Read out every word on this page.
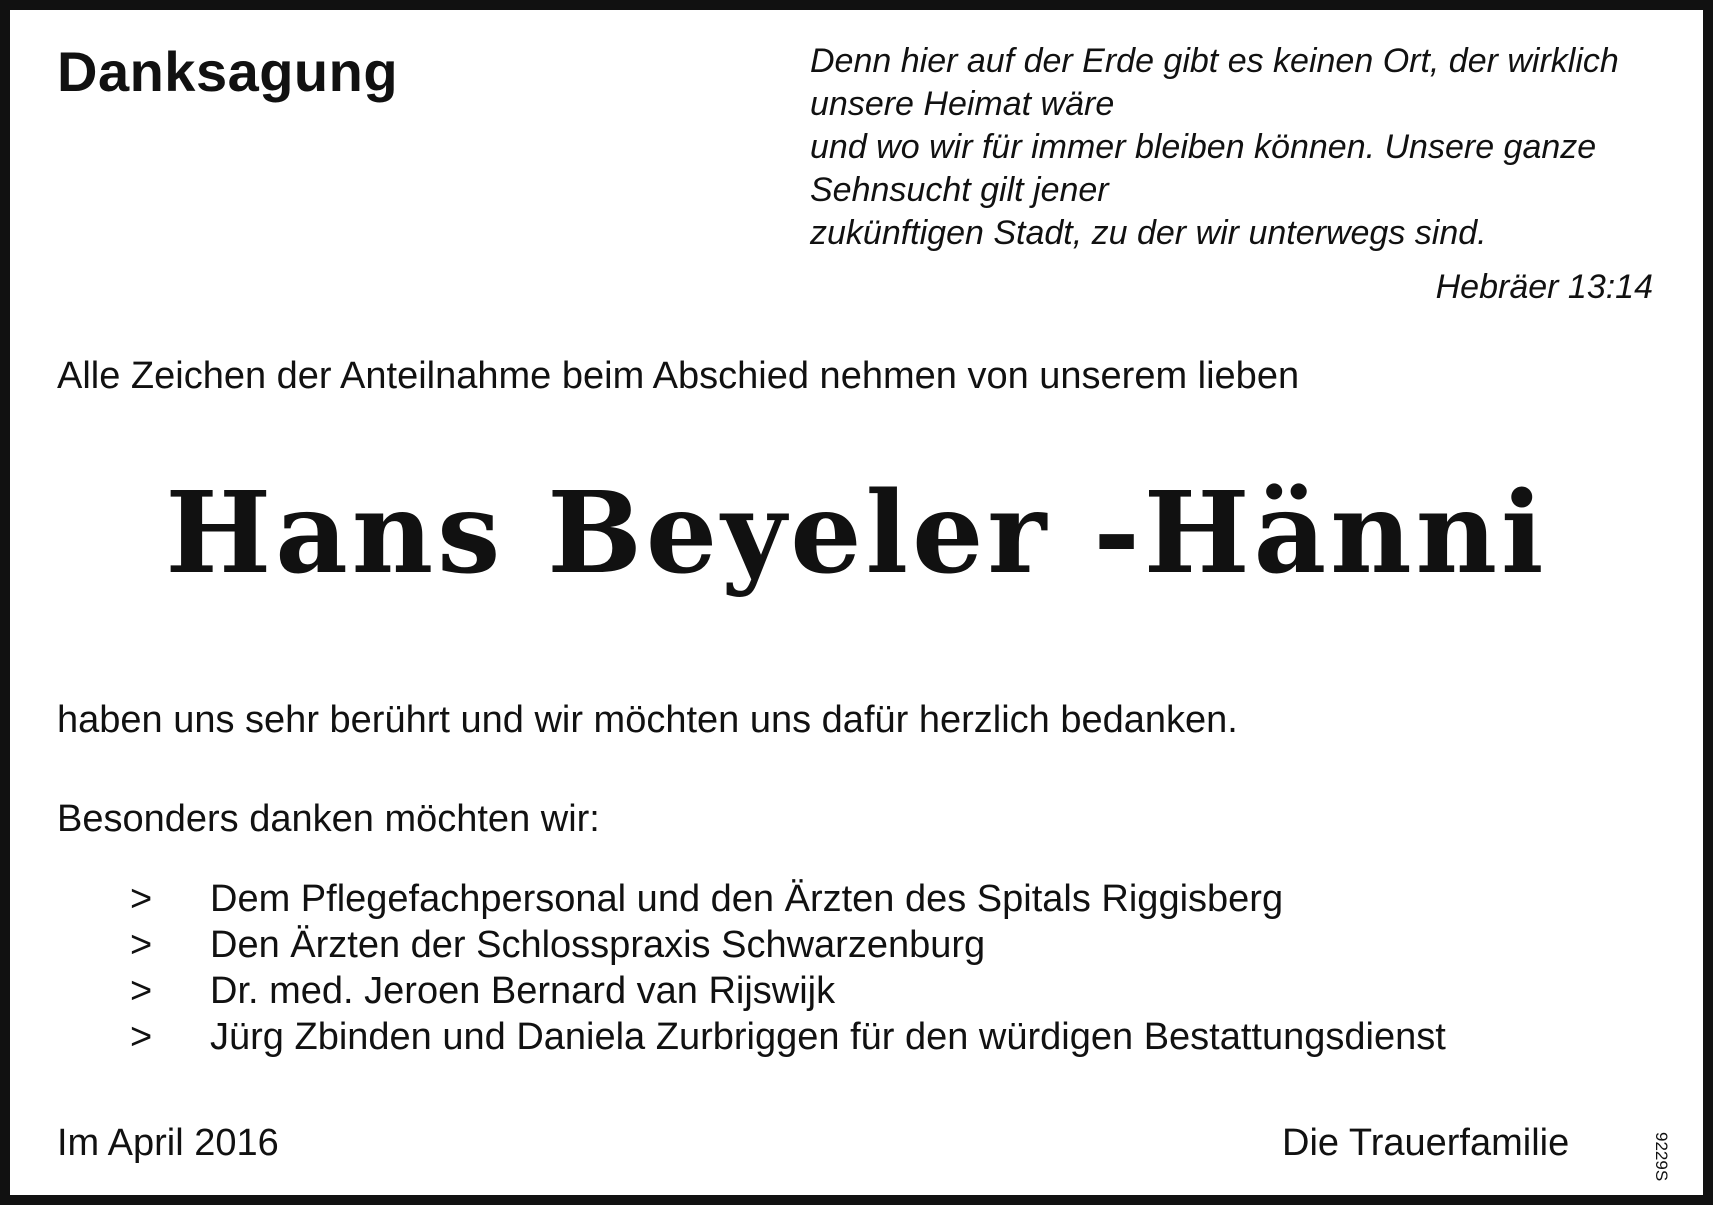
Danksagung	Denn hier auf der Erde gibt es keinen Ort, der wirklich
unsere Heimat wäre
und wo wir für immer bleiben können. Unsere ganze
Sehnsucht gilt jener
zukünftigen Stadt, zu der wir unterwegs sind.
Hebräer 13:14

Alle Zeichen der Anteilnahme beim Abschied nehmen von unserem lieben

Hans Beyeler -Hänni

haben uns sehr berührt und wir möchten uns dafür herzlich bedanken.

Besonders danken möchten wir:

> Dem Pflegefachpersonal und den Ärzten des Spitals Riggisberg
> Den Ärzten der Schlosspraxis Schwarzenburg
> Dr. med. Jeroen Bernard van Rijswijk
> Jürg Zbinden und Daniela Zurbriggen für den würdigen Bestattungsdienst
Im April 2016	Die Trauerfamilie	9229S
